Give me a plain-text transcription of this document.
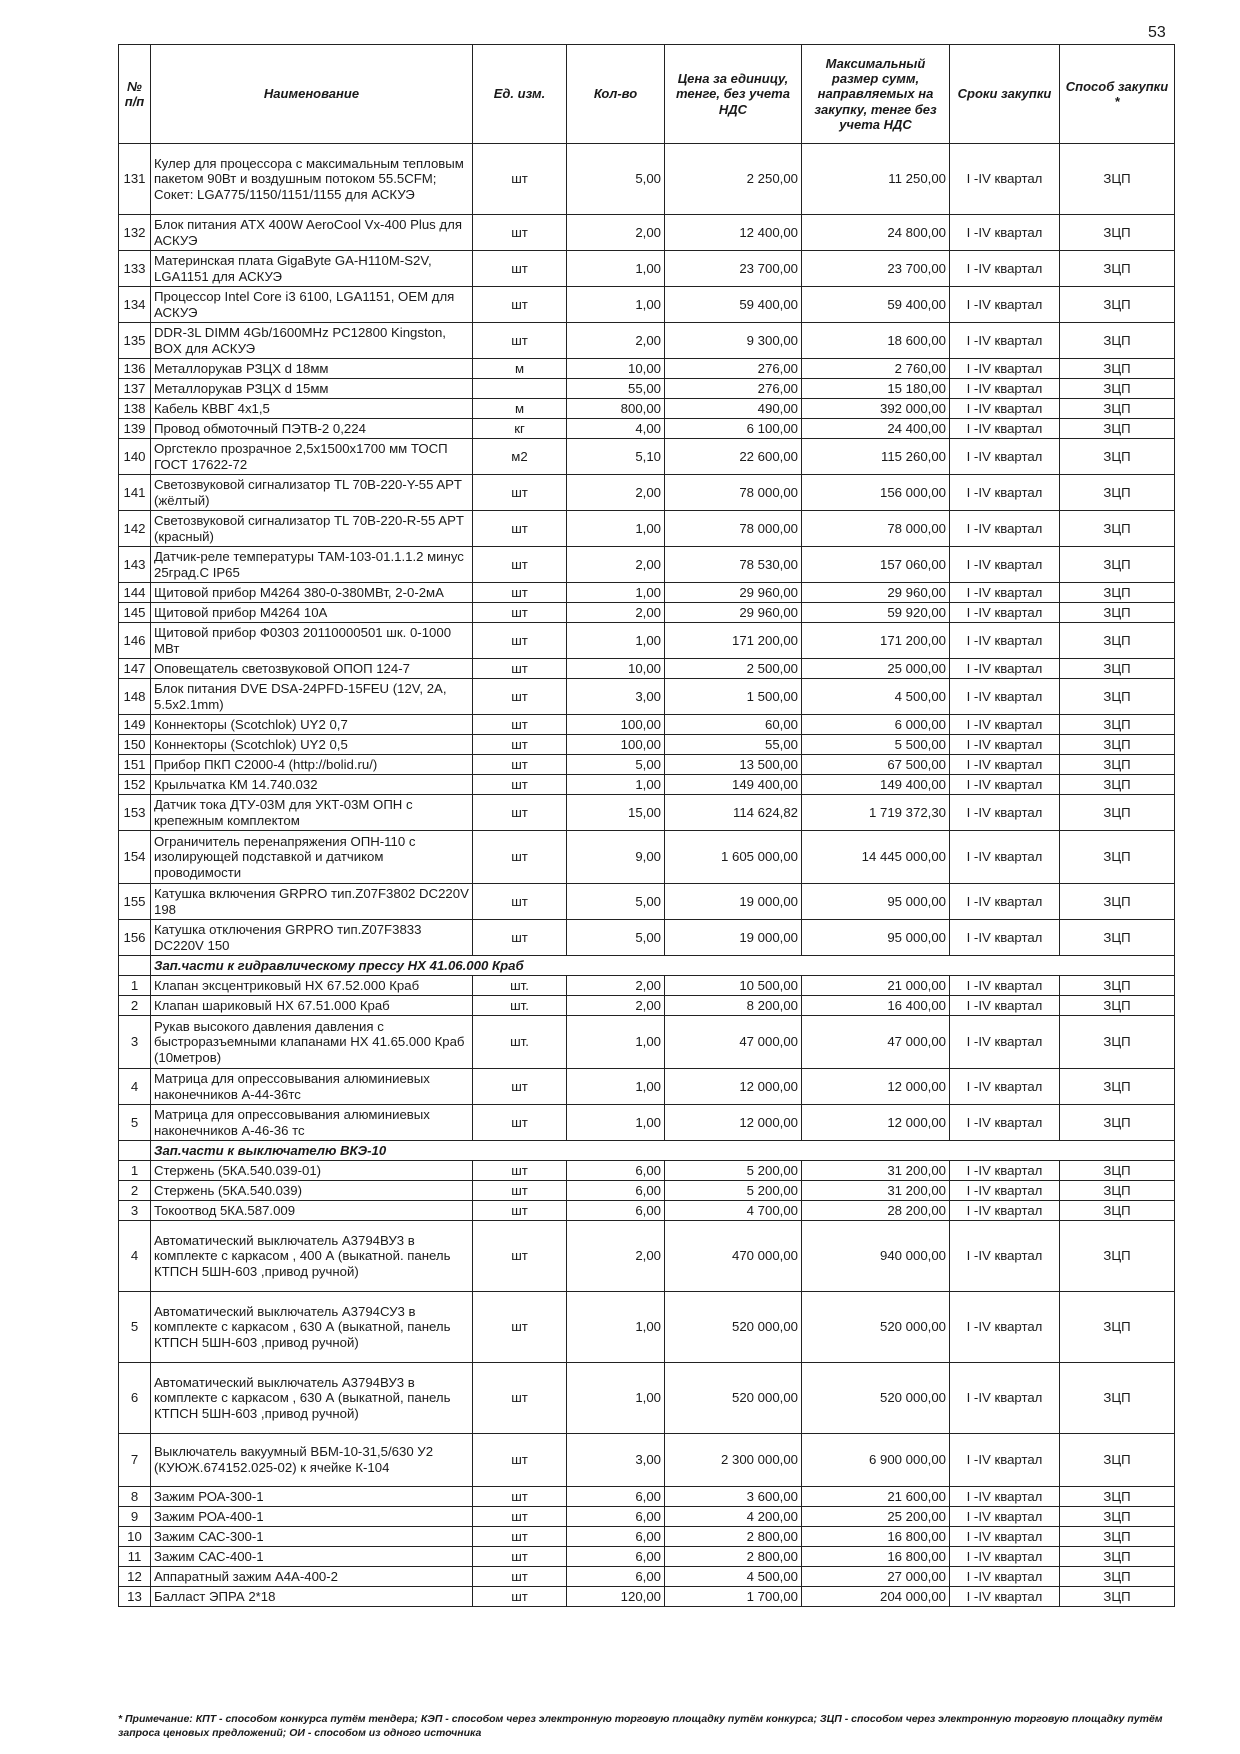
53
№ п/п	Наименование	Ед. изм.	Кол-во	Цена за единицу, тенге, без учета НДС	Максимальный размер сумм, направляемых на закупку, тенге без учета НДС	Сроки закупки	Способ закупки *
131	Кулер для процессора с максимальным тепловым пакетом 90Вт и воздушным потоком 55.5CFM; Сокет: LGA775/1150/1151/1155 для АСКУЭ	шт	5,00	2 250,00	11 250,00	I -IV квартал	ЗЦП
132	Блок питания ATX 400W AeroCool Vx-400 Plus для АСКУЭ	шт	2,00	12 400,00	24 800,00	I -IV квартал	ЗЦП
133	Материнская плата GigaByte GA-H110M-S2V, LGA1151 для АСКУЭ	шт	1,00	23 700,00	23 700,00	I -IV квартал	ЗЦП
134	Процессор Intel Core i3 6100, LGA1151, OEM для АСКУЭ	шт	1,00	59 400,00	59 400,00	I -IV квартал	ЗЦП
135	DDR-3L DIMM 4Gb/1600MHz PC12800 Kingston, BOX для АСКУЭ	шт	2,00	9 300,00	18 600,00	I -IV квартал	ЗЦП
136	Металлорукав РЗЦХ d 18мм	м	10,00	276,00	2 760,00	I -IV квартал	ЗЦП
137	Металлорукав РЗЦХ d 15мм		55,00	276,00	15 180,00	I -IV квартал	ЗЦП
138	Кабель КВВГ 4х1,5	м	800,00	490,00	392 000,00	I -IV квартал	ЗЦП
139	Провод обмоточный ПЭТВ-2 0,224	кг	4,00	6 100,00	24 400,00	I -IV квартал	ЗЦП
140	Оргстекло прозрачное 2,5х1500х1700 мм ТОСП ГОСТ 17622-72	м2	5,10	22 600,00	115 260,00	I -IV квартал	ЗЦП
141	Светозвуковой сигнализатор TL 70B-220-Y-55 APT (жёлтый)	шт	2,00	78 000,00	156 000,00	I -IV квартал	ЗЦП
142	Светозвуковой сигнализатор TL 70B-220-R-55 APT (красный)	шт	1,00	78 000,00	78 000,00	I -IV квартал	ЗЦП
143	Датчик-реле температуры ТАМ-103-01.1.1.2 минус 25град.С IP65	шт	2,00	78 530,00	157 060,00	I -IV квартал	ЗЦП
144	Щитовой прибор М4264 380-0-380МВт, 2-0-2мА	шт	1,00	29 960,00	29 960,00	I -IV квартал	ЗЦП
145	Щитовой прибор М4264 10А	шт	2,00	29 960,00	59 920,00	I -IV квартал	ЗЦП
146	Щитовой прибор Ф0303 20110000501 шк. 0-1000 МВт	шт	1,00	171 200,00	171 200,00	I -IV квартал	ЗЦП
147	Оповещатель светозвуковой ОПОП 124-7	шт	10,00	2 500,00	25 000,00	I -IV квартал	ЗЦП
148	Блок питания DVE DSA-24PFD-15FEU (12V, 2A, 5.5x2.1mm)	шт	3,00	1 500,00	4 500,00	I -IV квартал	ЗЦП
149	Коннекторы (Scotchlok) UY2 0,7	шт	100,00	60,00	6 000,00	I -IV квартал	ЗЦП
150	Коннекторы (Scotchlok) UY2 0,5	шт	100,00	55,00	5 500,00	I -IV квартал	ЗЦП
151	Прибор ПКП С2000-4 (http://bolid.ru/)	шт	5,00	13 500,00	67 500,00	I -IV квартал	ЗЦП
152	Крыльчатка КМ 14.740.032	шт	1,00	149 400,00	149 400,00	I -IV квартал	ЗЦП
153	Датчик тока ДТУ-03М для УКТ-03М ОПН с крепежным комплектом	шт	15,00	114 624,82	1 719 372,30	I -IV квартал	ЗЦП
154	Ограничитель перенапряжения ОПН-110 с изолирующей подставкой и датчиком проводимости	шт	9,00	1 605 000,00	14 445 000,00	I -IV квартал	ЗЦП
155	Катушка включения GRPRO тип.Z07F3802 DC220V 198	шт	5,00	19 000,00	95 000,00	I -IV квартал	ЗЦП
156	Катушка отключения GRPRO тип.Z07F3833 DC220V 150	шт	5,00	19 000,00	95 000,00	I -IV квартал	ЗЦП
	Зап.части к гидравлическому прессу НХ 41.06.000 Краб						
1	Клапан эксцентриковый НХ 67.52.000 Краб	шт.	2,00	10 500,00	21 000,00	I -IV квартал	ЗЦП
2	Клапан шариковый НХ 67.51.000 Краб	шт.	2,00	8 200,00	16 400,00	I -IV квартал	ЗЦП
3	Рукав высокого давления давления с быстроразъемными клапанами НХ 41.65.000 Краб (10метров)	шт.	1,00	47 000,00	47 000,00	I -IV квартал	ЗЦП
4	Матрица для опрессовывания алюминиевых наконечников А-44-36тс	шт	1,00	12 000,00	12 000,00	I -IV квартал	ЗЦП
5	Матрица для опрессовывания алюминиевых наконечников А-46-36 тс	шт	1,00	12 000,00	12 000,00	I -IV квартал	ЗЦП
	Зап.части к выключателю ВКЭ-10						
1	Стержень (5КА.540.039-01)	шт	6,00	5 200,00	31 200,00	I -IV квартал	ЗЦП
2	Стержень (5КА.540.039)	шт	6,00	5 200,00	31 200,00	I -IV квартал	ЗЦП
3	Токоотвод 5КА.587.009	шт	6,00	4 700,00	28 200,00	I -IV квартал	ЗЦП
4	Автоматический выключатель А3794ВУ3 в комплекте с каркасом , 400 А (выкатной. панель КТПСН 5ШН-603 ,привод ручной)	шт	2,00	470 000,00	940 000,00	I -IV квартал	ЗЦП
5	Автоматический выключатель А3794СУ3 в комплекте с каркасом , 630 А (выкатной, панель КТПСН 5ШН-603 ,привод ручной)	шт	1,00	520 000,00	520 000,00	I -IV квартал	ЗЦП
6	Автоматический выключатель А3794ВУ3 в комплекте с каркасом , 630 А (выкатной, панель КТПСН 5ШН-603 ,привод ручной)	шт	1,00	520 000,00	520 000,00	I -IV квартал	ЗЦП
7	Выключатель вакуумный ВБМ-10-31,5/630 У2 (КУЮЖ.674152.025-02) к ячейке К-104	шт	3,00	2 300 000,00	6 900 000,00	I -IV квартал	ЗЦП
8	Зажим РОА-300-1	шт	6,00	3 600,00	21 600,00	I -IV квартал	ЗЦП
9	Зажим РОА-400-1	шт	6,00	4 200,00	25 200,00	I -IV квартал	ЗЦП
10	Зажим САС-300-1	шт	6,00	2 800,00	16 800,00	I -IV квартал	ЗЦП
11	Зажим САС-400-1	шт	6,00	2 800,00	16 800,00	I -IV квартал	ЗЦП
12	Аппаратный зажим А4А-400-2	шт	6,00	4 500,00	27 000,00	I -IV квартал	ЗЦП
13	Балласт ЭПРА 2*18	шт	120,00	1 700,00	204 000,00	I -IV квартал	ЗЦП
* Примечание: КПТ - способом конкурса путём тендера; КЭП - способом через электронную торговую площадку путём конкурса; ЗЦП - способом через электронную торговую площадку путём запроса ценовых предложений; ОИ - способом из одного источника
